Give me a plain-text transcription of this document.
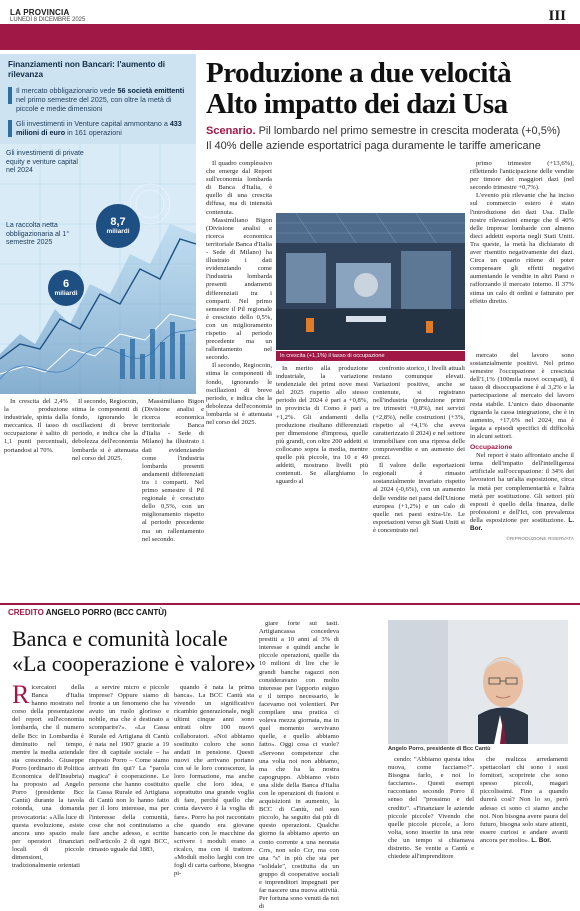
LA PROVINCIA
LUNEDÌ 8 DICEMBRE 2025	III
Finanziamenti non Bancari: l'aumento di rilevanza
Il mercato obbligazionario vede 56 società emittenti nel primo semestre del 2025, con oltre la metà di piccole e medie dimensioni
Gli investimenti in Venture capital ammontano a 433 milioni di euro in 161 operazioni
Gli investimenti di private equity e venture capital nel 2024
8,7
miliardi
La raccolta netta obbligazionaria al 1° semestre 2025
6
miliardi
Produzione a due velocità
Alto impatto dei dazi Usa
Scenario. Pil lombardo nel primo semestre in crescita moderata (+0,5%)
Il 40% delle aziende esportatrici paga duramente le tariffe americane

Il quadro complessivo che emerge dal Report sull'economia lombarda di Banca d'Italia, è quello di una crescita diffusa, ma di intensità contenuta.

Massimiliano Bigon (Divisione analisi e ricerca economica territoriale Banca d'Italia - Sede di Milano) ha illustrato i dati evidenziando come l'industria lombarda presenti andamenti differenziati tra i comparti. Nel primo semestre il Pil regionale è cresciuto dello 0,5%, con un miglioramento rispetto al periodo precedente ma un rallentamento nel secondo.

Il secondo, Regiocoin, stima le componenti di fondo, ignorando le oscillazioni di breve periodo, e indica che la debolezza dell'economia lombarda si è attenuata nel corso del 2025.

In crescita del 2,4% la produzione industriale, spinta dalla meccanica. Il tasso di occupazione è salito di 1,1 punti percentuali, portandosi al 70%.

Il secondo, Regiocoin, stima le componenti di fondo, ignorando le oscillazioni di breve periodo, e indica che la debolezza dell'economia lombarda si è attenuata nel corso del 2025.

Massimiliano Bigon (Divisione analisi e ricerca economica territoriale Banca d'Italia - Sede di Milano) ha illustrato i dati evidenziando come l'industria lombarda presenti andamenti differenziati tra i comparti. Nel primo semestre il Pil regionale è cresciuto dello 0,5%, con un miglioramento rispetto al periodo precedente ma un rallentamento nel secondo.

In crescita (+1,1%) il tasso di occupazione

In merito alla produzione industriale, la variazione tendenziale dei primi nove mesi del 2025 rispetto allo stesso periodo del 2024 è pari a +0,8%, in provincia di Como è pari a +1,2%. Gli andamenti della produzione risultano differenziati per dimensione d'impresa, quelle più grandi, con oltre 200 addetti si collocano sopra la media, mentre quelle più piccole, tra 10 e 49 addetti, mostrano livelli più contenuti. Se allarghiamo lo sguardo al

confronto storico, i livelli attuali restano comunque elevati. Variazioni positive, anche se contenute, si registrano nell'industria (produzione primi tre trimestri +0,8%), nei servizi (+2,8%), nelle costruzioni (+3%, rispetto al +4,1% che aveva caratterizzato il 2024) e nel settore immobiliare con una ripresa delle compravendite e un aumento dei prezzi.

Il valore delle esportazioni regionali è rimasto sostanzialmente invariato rispetto al 2024 (-0,6%), con un aumento delle vendite nei paesi dell'Unione europea (+1,2%) e un calo di quelle nei paesi extra-Ue. Le esportazioni verso gli Stati Uniti si è concentrato nel

primo trimestre (+13,6%), riflettendo l'anticipazione delle vendite per timore dei maggiori dazi (nel secondo trimestre +0,7%).

L'evento più rilevante che ha inciso sul commercio estero è stato l'introduzione dei dazi Usa. Dalle nostre rilevazioni emerge che il 40% delle imprese lombarde con almeno dieci addetti esporta negli Stati Uniti. Tra queste, la metà ha dichiarato di aver risentito negativamente dei dazi. Circa un quarto ritiene di poter compensare gli effetti negativi aumentando le vendite in altri Paesi o rafforzando il mercato interno. Il 37% stima un calo di ordini e fatturato per effetto diretto.

mercato del lavoro sono sostanzialmente positivi. Nel primo semestre l'occupazione è cresciuta dell'1,1% (100mila nuovi occupati), il tasso di disoccupazione è al 3,2% e la partecipazione al mercato del lavoro resta stabile. L'unico dato dissonante riguarda la cassa integrazione, che è in aumento, +17,6% nel 2024, ma è legata a episodi specifici di difficoltà in alcuni settori.

Occupazione

Nel report è stato affrontato anche il tema dell'impatto dell'intelligenza artificiale sull'occupazione: il 34% dei lavoratori ha un'alta esposizione, circa la metà per complementarità e l'altra metà per sostituzione. Gli settori più esposti è quello della finanza, delle professioni e dell'Ict, con prevalenza della esposizione per sostituzione. L. Bor.

©RIPRODUZIONE RISERVATA

CREDITO ANGELO PORRO (BCC CANTÙ)
Banca e comunità locale
«La cooperazione è valore»

Ricercatori della Banca d'Italia hanno mostrato nel corso della presentazione del report sull'economia lombarda, che il numero delle Bcc in Lombardia è diminuito nel tempo, mentre la media aziendale sta crescendo. Giuseppe Porro (ordinario di Politica Economica dell'Insubria) ha proposto ad Angelo Porro (presidente Bcc Cantù) durante la tavola rotonda, una domanda provocatoria: «Alla luce di questa evoluzione, esiste ancora uno spazio reale per operatori finanziari locali di piccole dimensioni, tradizionalmente orientati

a servire micro e piccole imprese? Oppure siamo di fronte a un fenomeno che ha avuto un ruolo glorioso e nobile, ma che è destinato a scomparire?». «La Cassa Rurale ed Artigiana di Cantù è nata nel 1907 grazie a 19 fire di capitale sociale – ha risposto Porro – Come siamo arrivati fin qui? La "parola magica" è cooperazione. Le persone che hanno costituito la Cassa Rurale ed Artigiana di Cantù non lo hanno fatto per il loro interesse, ma per l'interesse della comunità, cose che noi continuiamo a fare anche adesso, e scritte nell'articolo 2 di ogni BCC, rimasto uguale dal 1883,

quando è nata la prima banca». La BCC Cantù sta vivendo un significativo ricambio generazionale, negli ultimi cinque anni sono entrati oltre 100 nuovi collaboratori. «Noi abbiamo sostituito coloro che sono andati in pensione. Questi nuovi che arrivano portano con sé le loro conoscenze, la loro formazione, ma anche quelle che loro idea, e soprattutto una grande voglia di fare, perché quello che conta davvero è la voglia di fare». Porro ha poi raccontato che quando era giovane bancario con le macchine da scrivere i moduli erano a ricalco, ma con il trattore. «Moduli molto larghi con tre fogli di carta carbone, bisogna pi-

giare forte sui tasti. Artigiancassa concedeva prestiti a 10 anni al 3% di interesse e quindi anche le piccole operazioni, quelle da 10 milioni di lire che le grandi banche ragazzi non consideravano con molto interesse per l'apporto esiguo e il tempo necessario, le facevamo noi volentieri. Per compilare una pratica ci voleva mezza giornata, ma in quel momento servivano quelle, e quello abbiamo fatto». Oggi cosa ci vuole? «Servono competenze che una volta noi non abbiamo, ma che ha la nostra capogruppo. Abbiamo visto una slide della Banca d'Italia con le operazioni di fusioni e acquisizioni in aumento, la BCC di Cantù, nel suo piccolo, ha seguito dai più di questo operazioni. Qualche giorno fa abbiamo aperto un conto corrente a una neonata Crrs, non solo Ccr, ma con una "s" in più che sta per "solidale", costituita da un gruppo di cooperative sociali e imprenditori impegnati per far nascere una nuova attività. Per fortuna sono venuti da noi di

Angelo Porro, presidente di Bcc Cantù

cendo: "Abbiamo questa idea nuova, come facciamo?". Bisogna farlo, e noi lo facciamo». Questi esempi raccontano secondo Porro il senso del "prossimo e del credito". «Finanziare le aziende piccole piccole? Vivendo che quelle piccole piccole, a loro volta, sono inserite in una rete che un tempo si chiamava distretto. Se venite a Cantù e chiedete all'imprenditore

che realizza arredamenti spettacolari chi sono i suoi fornitori, scoprirete che sono spesso piccoli, magari piccolissimi. Fino a quando durerà così? Non lo so, però adesso ci sono ci siamo anche noi. Non bisogna avere paura del futuro, bisogna solo stare attenti, essere curiosi e andare avanti ancora per molto». L. Bor.
